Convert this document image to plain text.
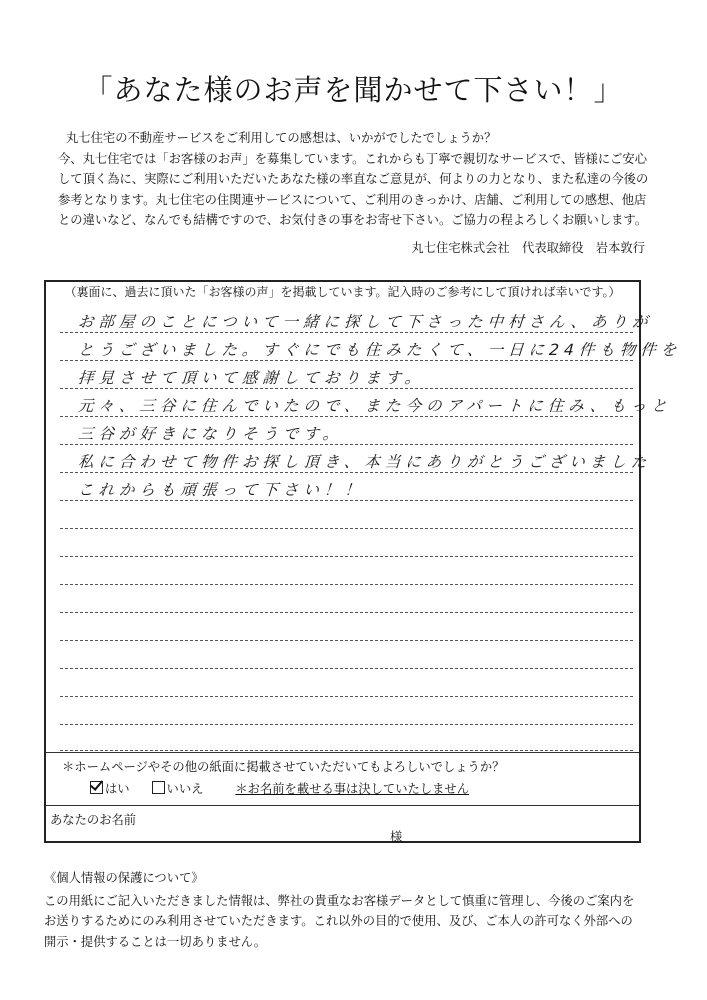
「あなた様のお声を聞かせて下さい！」
丸七住宅の不動産サービスをご利用しての感想は、いかがでしたでしょうか？
今、丸七住宅では「お客様のお声」を募集しています。これからも丁寧で親切なサービスで、皆様にご安心
して頂く為に、実際にご利用いただいたあなた様の率直なご意見が、何よりの力となり、また私達の今後の
参考となります。丸七住宅の住関連サービスについて、ご利用のきっかけ、店舗、ご利用しての感想、他店
との違いなど、なんでも結構ですので、お気付きの事をお寄せ下さい。ご協力の程よろしくお願いします。
丸七住宅株式会社　代表取締役　岩本敦行
（裏面に、過去に頂いた「お客様の声」を掲載しています。記入時のご参考にして頂ければ幸いです。）
お部屋のことについて一緒に探して下さった中村さん、ありが
とうございました。すぐにでも住みたくて、一日に24件も物件を
拝見させて頂いて感謝しております。
元々、三谷に住んでいたので、また今のアパートに住み、もっと
三谷が好きになりそうです。
私に合わせて物件お探し頂き、本当にありがとうございました
これからも頑張って下さい！！
＊ホームページやその他の紙面に掲載させていただいてもよろしいでしょうか？
はい	いいえ	＊お名前を載せる事は決していたしません
あなたのお名前
様
《個人情報の保護について》
この用紙にご記入いただきました情報は、弊社の貴重なお客様データとして慎重に管理し、今後のご案内を
お送りするためにのみ利用させていただきます。これ以外の目的で使用、及び、ご本人の許可なく外部への
開示・提供することは一切ありません。
